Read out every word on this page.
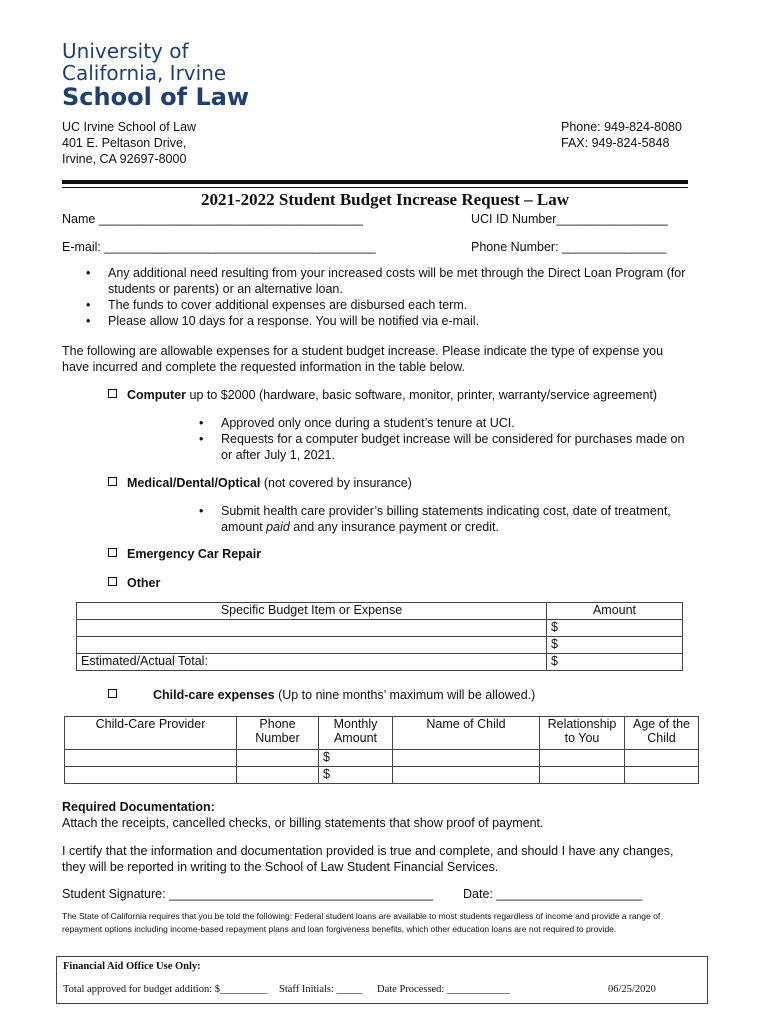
University of
California, Irvine
School of Law
UC Irvine School of Law
401 E. Peltason Drive,
Irvine, CA 92697-8000
Phone: 949-824-8080
FAX: 949-824-5848
2021-2022 Student Budget Increase Request – Law
Name ______________________________________	UCI ID Number________________
E-mail: _______________________________________	Phone Number: _______________
• Any additional need resulting from your increased costs will be met through the Direct Loan Program (for students or parents) or an alternative loan.
• The funds to cover additional expenses are disbursed each term.
• Please allow 10 days for a response. You will be notified via e-mail.
The following are allowable expenses for a student budget increase. Please indicate the type of expense you have incurred and complete the requested information in the table below.
Computer up to $2000 (hardware, basic software, monitor, printer, warranty/service agreement)
• Approved only once during a student’s tenure at UCI.
• Requests for a computer budget increase will be considered for purchases made on or after July 1, 2021.
Medical/Dental/Optical (not covered by insurance)
• Submit health care provider’s billing statements indicating cost, date of treatment, amount paid and any insurance payment or credit.
Emergency Car Repair
Other
Specific Budget Item or Expense	Amount
	$
	$
Estimated/Actual Total:	$
Child-care expenses (Up to nine months’ maximum will be allowed.)
Child-Care Provider	Phone Number	Monthly Amount	Name of Child	Relationship to You	Age of the Child
		$			
		$			
Required Documentation:
Attach the receipts, cancelled checks, or billing statements that show proof of payment.
I certify that the information and documentation provided is true and complete, and should I have any changes, they will be reported in writing to the School of Law Student Financial Services.
Student Signature: ______________________________________ Date: _____________________
The State of California requires that you be told the following: Federal student loans are available to most students regardless of income and provide a range of repayment options including income-based repayment plans and loan forgiveness benefits, which other education loans are not required to provide.
Financial Aid Office Use Only:
Total approved for budget addition: $_________ Staff Initials: _____ Date Processed: ____________	06/25/2020
